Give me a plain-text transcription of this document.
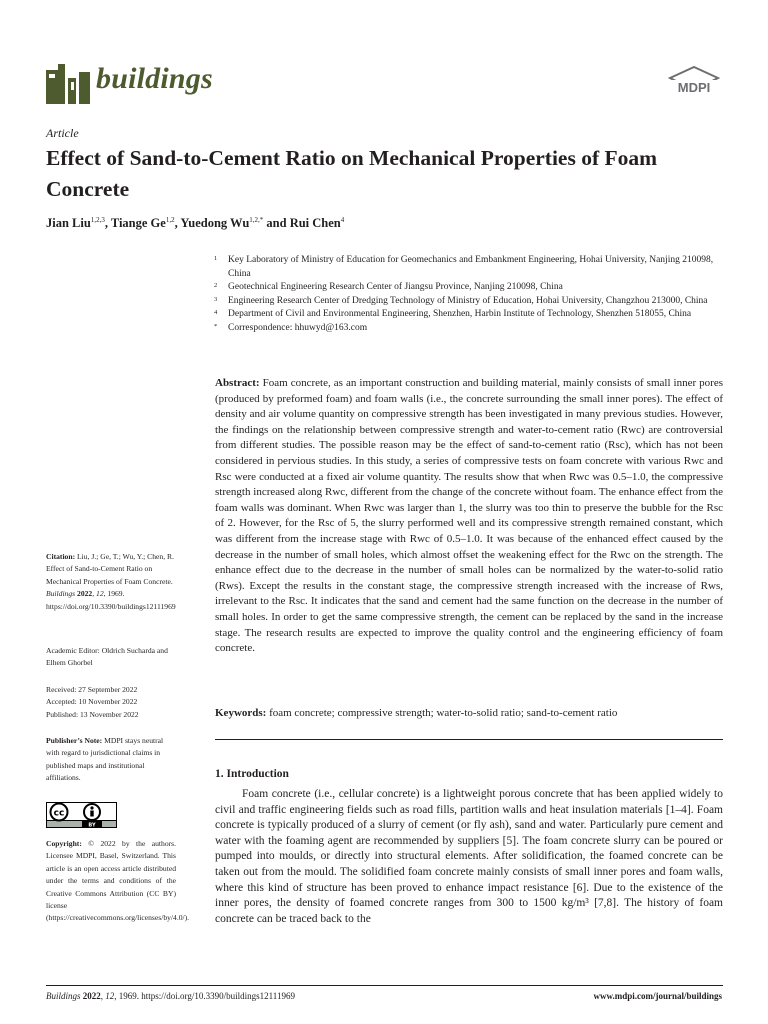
buildings	MDPI
Article
Effect of Sand-to-Cement Ratio on Mechanical Properties of Foam Concrete
Jian Liu$^{1,2,3}$, Tiange Ge$^{1,2}$, Yuedong $Wu^{1,2,*}$ and Rui Chen$^4$
1 Key Laboratory of Ministry of Education for Geomechanics and Embankment Engineering, Hohai University, Nanjing 210098, China
2 Geotechnical Engineering Research Center of Jiangsu Province, Nanjing 210098, China
3 Engineering Research Center of Dredging Technology of Ministry of Education, Hohai University, Changzhou 213000, China
4 Department of Civil and Environmental Engineering, Shenzhen, Harbin Institute of Technology, Shenzhen 518055, China
* Correspondence: hhuwyd@163.com
Abstract: Foam concrete, as an important construction and building material, mainly consists of small inner pores (produced by preformed foam) and foam walls (i.e., the concrete surrounding the small inner pores). The effect of density and air volume quantity on compressive strength has been investigated in many previous studies. However, the findings on the relationship between compressive strength and water-to-cement ratio (Rwc) are controversial from different studies. The possible reason may be the effect of sand-to-cement ratio (Rsc), which has not been considered in pervious studies. In this study, a series of compressive tests on foam concrete with various Rwc and Rsc were conducted at a fixed air volume quantity. The results show that when Rwc was 0.5–1.0, the compressive strength increased along Rwc, different from the change of the concrete without foam. The enhance effect from the foam walls was dominant. When Rwc was larger than 1, the slurry was too thin to preserve the bubble for the Rsc of 2. However, for the Rsc of 5, the slurry performed well and its compressive strength remained constant, which was different from the increase stage with Rwc of 0.5–1.0. It was because of the enhanced effect caused by the decrease in the number of small holes, which almost offset the weakening effect for the Rwc on the strength. The enhance effect due to the decrease in the number of small holes can be normalized by the water-to-solid ratio (Rws). Except the results in the constant stage, the compressive strength increased with the increase of Rws, irrelevant to the Rsc. It indicates that the sand and cement had the same function on the decrease in the number of small holes. In order to get the same compressive strength, the cement can be replaced by the sand in the increase stage. The research results are expected to improve the quality control and the engineering efficiency of foam concrete.
Keywords: foam concrete; compressive strength; water-to-solid ratio; sand-to-cement ratio
1. Introduction
Foam concrete (i.e., cellular concrete) is a lightweight porous concrete that has been applied widely to civil and traffic engineering fields such as road fills, partition walls and heat insulation materials [1–4]. Foam concrete is typically produced of a slurry of cement (or fly ash), sand and water. Particularly pure cement and water with the foaming agent are recommended by suppliers [5]. The foam concrete slurry can be poured or pumped into moulds, or directly into structural elements. After solidification, the foamed concrete can be taken out from the mould. The solidified foam concrete mainly consists of small inner pores and foam walls, where this kind of structure has been proved to enhance impact resistance [6]. Due to the existence of the inner pores, the density of foamed concrete ranges from 300 to 1500 kg/m³ [7,8]. The history of foam concrete can be traced back to the
Citation: Liu, J.; Ge, T.; Wu, Y.; Chen, R. Effect of Sand-to-Cement Ratio on Mechanical Properties of Foam Concrete. Buildings 2022, 12, 1969. https://doi.org/10.3390/buildings12111969
Academic Editor: Oldrich Sucharda and Elhem Ghorbel
Received: 27 September 2022
Accepted: 10 November 2022
Published: 13 November 2022
Publisher’s Note: MDPI stays neutral with regard to jurisdictional claims in published maps and institutional affiliations.
cc
BY
Copyright: © 2022 by the authors. Licensee MDPI, Basel, Switzerland. This article is an open access article distributed under the terms and conditions of the Creative Commons Attribution (CC BY) license (https://creativecommons.org/licenses/by/4.0/).
Buildings 2022, 12, 1969. https://doi.org/10.3390/buildings12111969	www.mdpi.com/journal/buildings
